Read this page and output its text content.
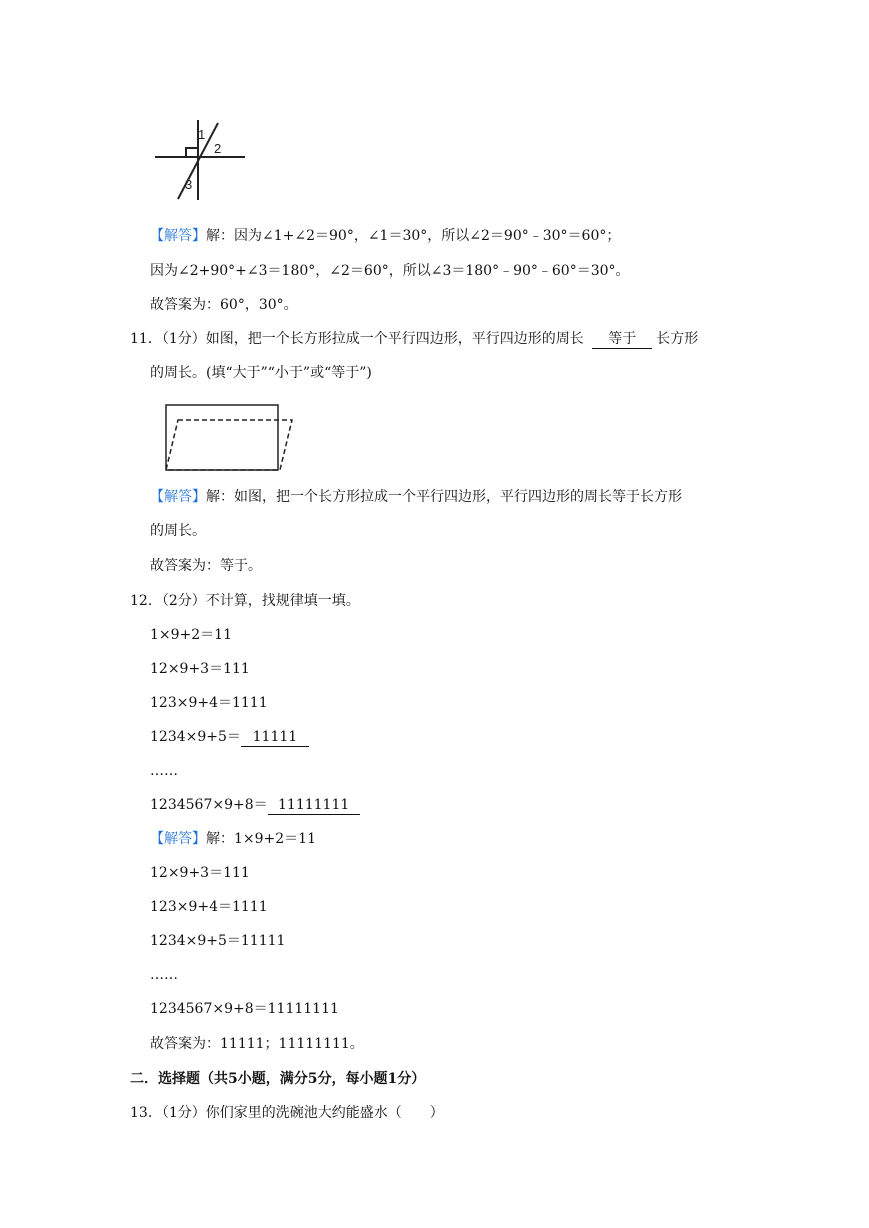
1
2
3
【解答】解：因为∠1+∠2＝90°，∠1＝30°，所以∠2＝90°﹣30°＝60°；
因为∠2+90°+∠3＝180°，∠2＝60°，所以∠3＝180°﹣90°﹣60°＝30°。
故答案为：60°，30°。
11．（1分）如图，把一个长方形拉成一个平行四边形，平行四边形的周长 等于 长方形
的周长。(填“大于”“小于”或“等于”)
【解答】解：如图，把一个长方形拉成一个平行四边形，平行四边形的周长等于长方形
的周长。
故答案为：等于。
12．（2分）不计算，找规律填一填。
1×9+2＝11
12×9+3＝111
123×9+4＝1111
1234×9+5＝ 11111
……
1234567×9+8＝ 11111111
【解答】解：1×9+2＝11
12×9+3＝111
123×9+4＝1111
1234×9+5＝11111
……
1234567×9+8＝11111111
故答案为：11111；11111111。
二．选择题（共5小题，满分5分，每小题1分）
13．（1分）你们家里的洗碗池大约能盛水（　　）
